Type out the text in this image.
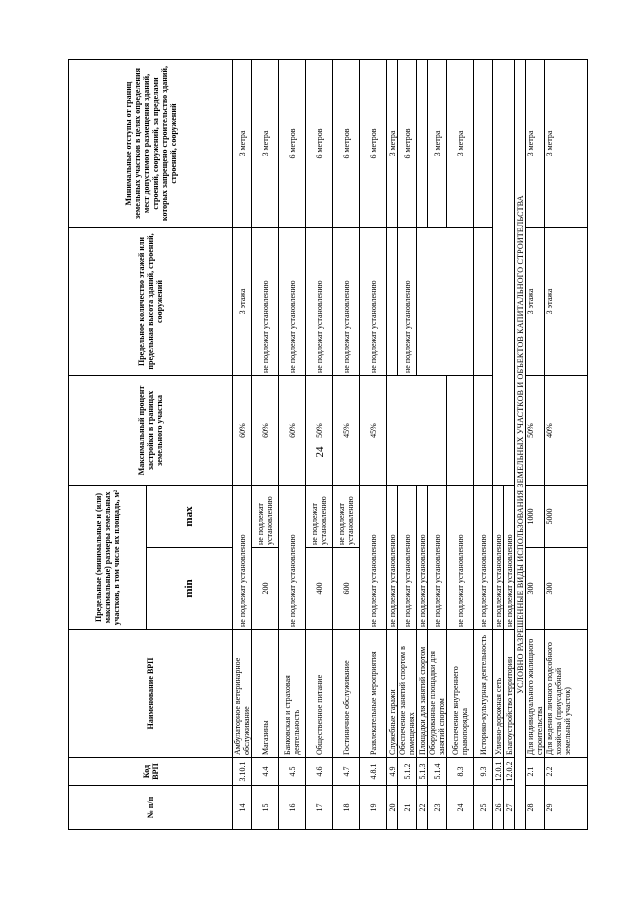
24
№ п/п	Код ВРП	Наименование ВРП	Предельные (минимальные и (или) максимальные) размеры земельных участков, в том числе их площадь, м²		Максимальный процент застройки в границах земельного участка	Предельное количество этажей или предельная высота зданий, строений, сооружений	Минимальные отступы от границ земельных участков в целях определения мест допустимого размещения зданий, строений, сооружений, за пределами которых запрещено строительство зданий, строений, сооружений
			min	max			
14	3.10.1	Амбулаторное ветеринарное обслуживание	не подлежат установлению		60%	3 этажа	3 метра
15	4.4	Магазины	200	не подлежат установлению	60%	не подлежат установлению	3 метра
16	4.5	Банковская и страховая деятельность	не подлежат установлению		60%	не подлежат установлению	6 метров
17	4.6	Общественное питание	400	не подлежат установлению	50%	не подлежат установлению	6 метров
18	4.7	Гостиничное обслуживание	600	не подлежат установлению	45%	не подлежат установлению	6 метров
19	4.8.1	Развлекательные мероприятия	не подлежат установлению		45%	не подлежат установлению	6 метров
20	4.9	Служебные гаражи	не подлежат установлению				3 метра
21	5.1.2	Обеспечение занятий спортом в помещениях	не подлежат установлению			не подлежат установлению	6 метров
22	5.1.3	Площадки для занятий спортом	не подлежат установлению				
23	5.1.4	Оборудованные площадки для занятий спортом	не подлежат установлению				3 метра
24	8.3	Обеспечение внутреннего правопорядка	не подлежат установлению				3 метра
25	9.3	Историко-культурная деятельность	не подлежат установлению				
26	12.0.1	Улично-дорожная сеть	не подлежат установлению				
27	12.0.2	Благоустройство территории	не подлежат установлению				
УСЛОВНО РАЗРЕШЕННЫЕ ВИДЫ ИСПОЛЬЗОВАНИЯ ЗЕМЕЛЬНЫХ УЧАСТКОВ И ОБЪЕКТОВ КАПИТАЛЬНОГО СТРОИТЕЛЬСТВА							
28	2.1	Для индивидуального жилищного строительства	300	1000	50%	3 этажа	3 метра
29	2.2	Для ведения личного подсобного хозяйства (приусадебный земельный участок)	300	5000	40%	3 этажа	3 метра
